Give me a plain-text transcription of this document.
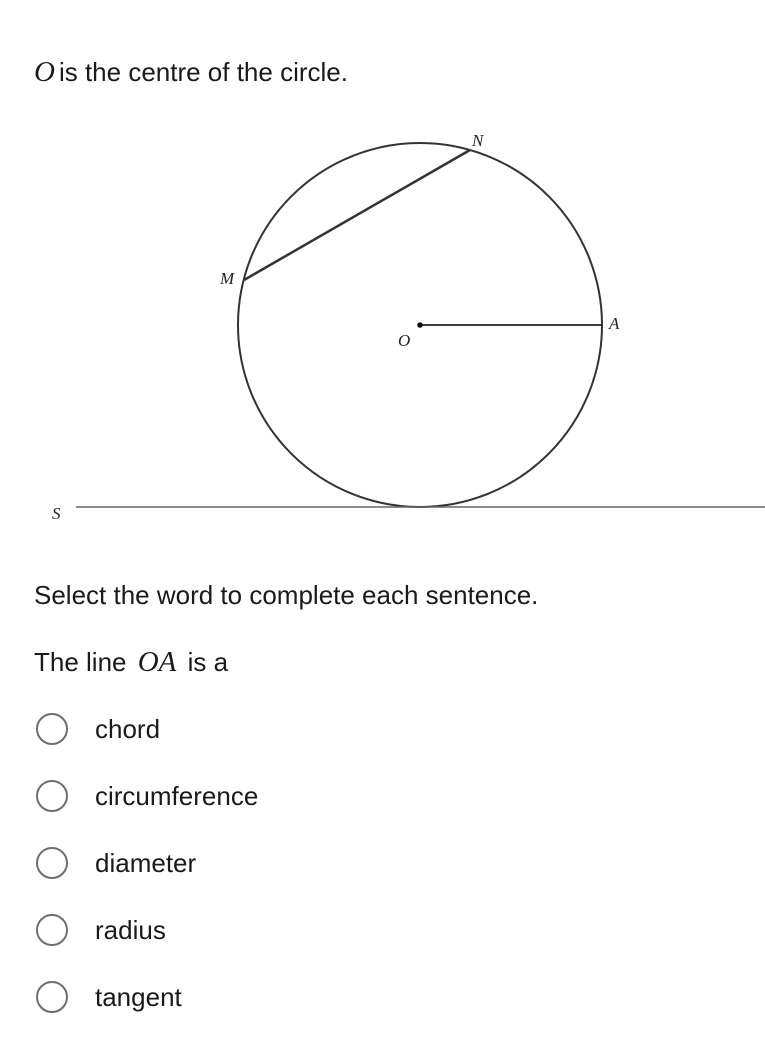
O is the centre of the circle.
N
M
O
A
S
Select the word to complete each sentence.
The line OA is a
chord
circumference
diameter
radius
tangent
